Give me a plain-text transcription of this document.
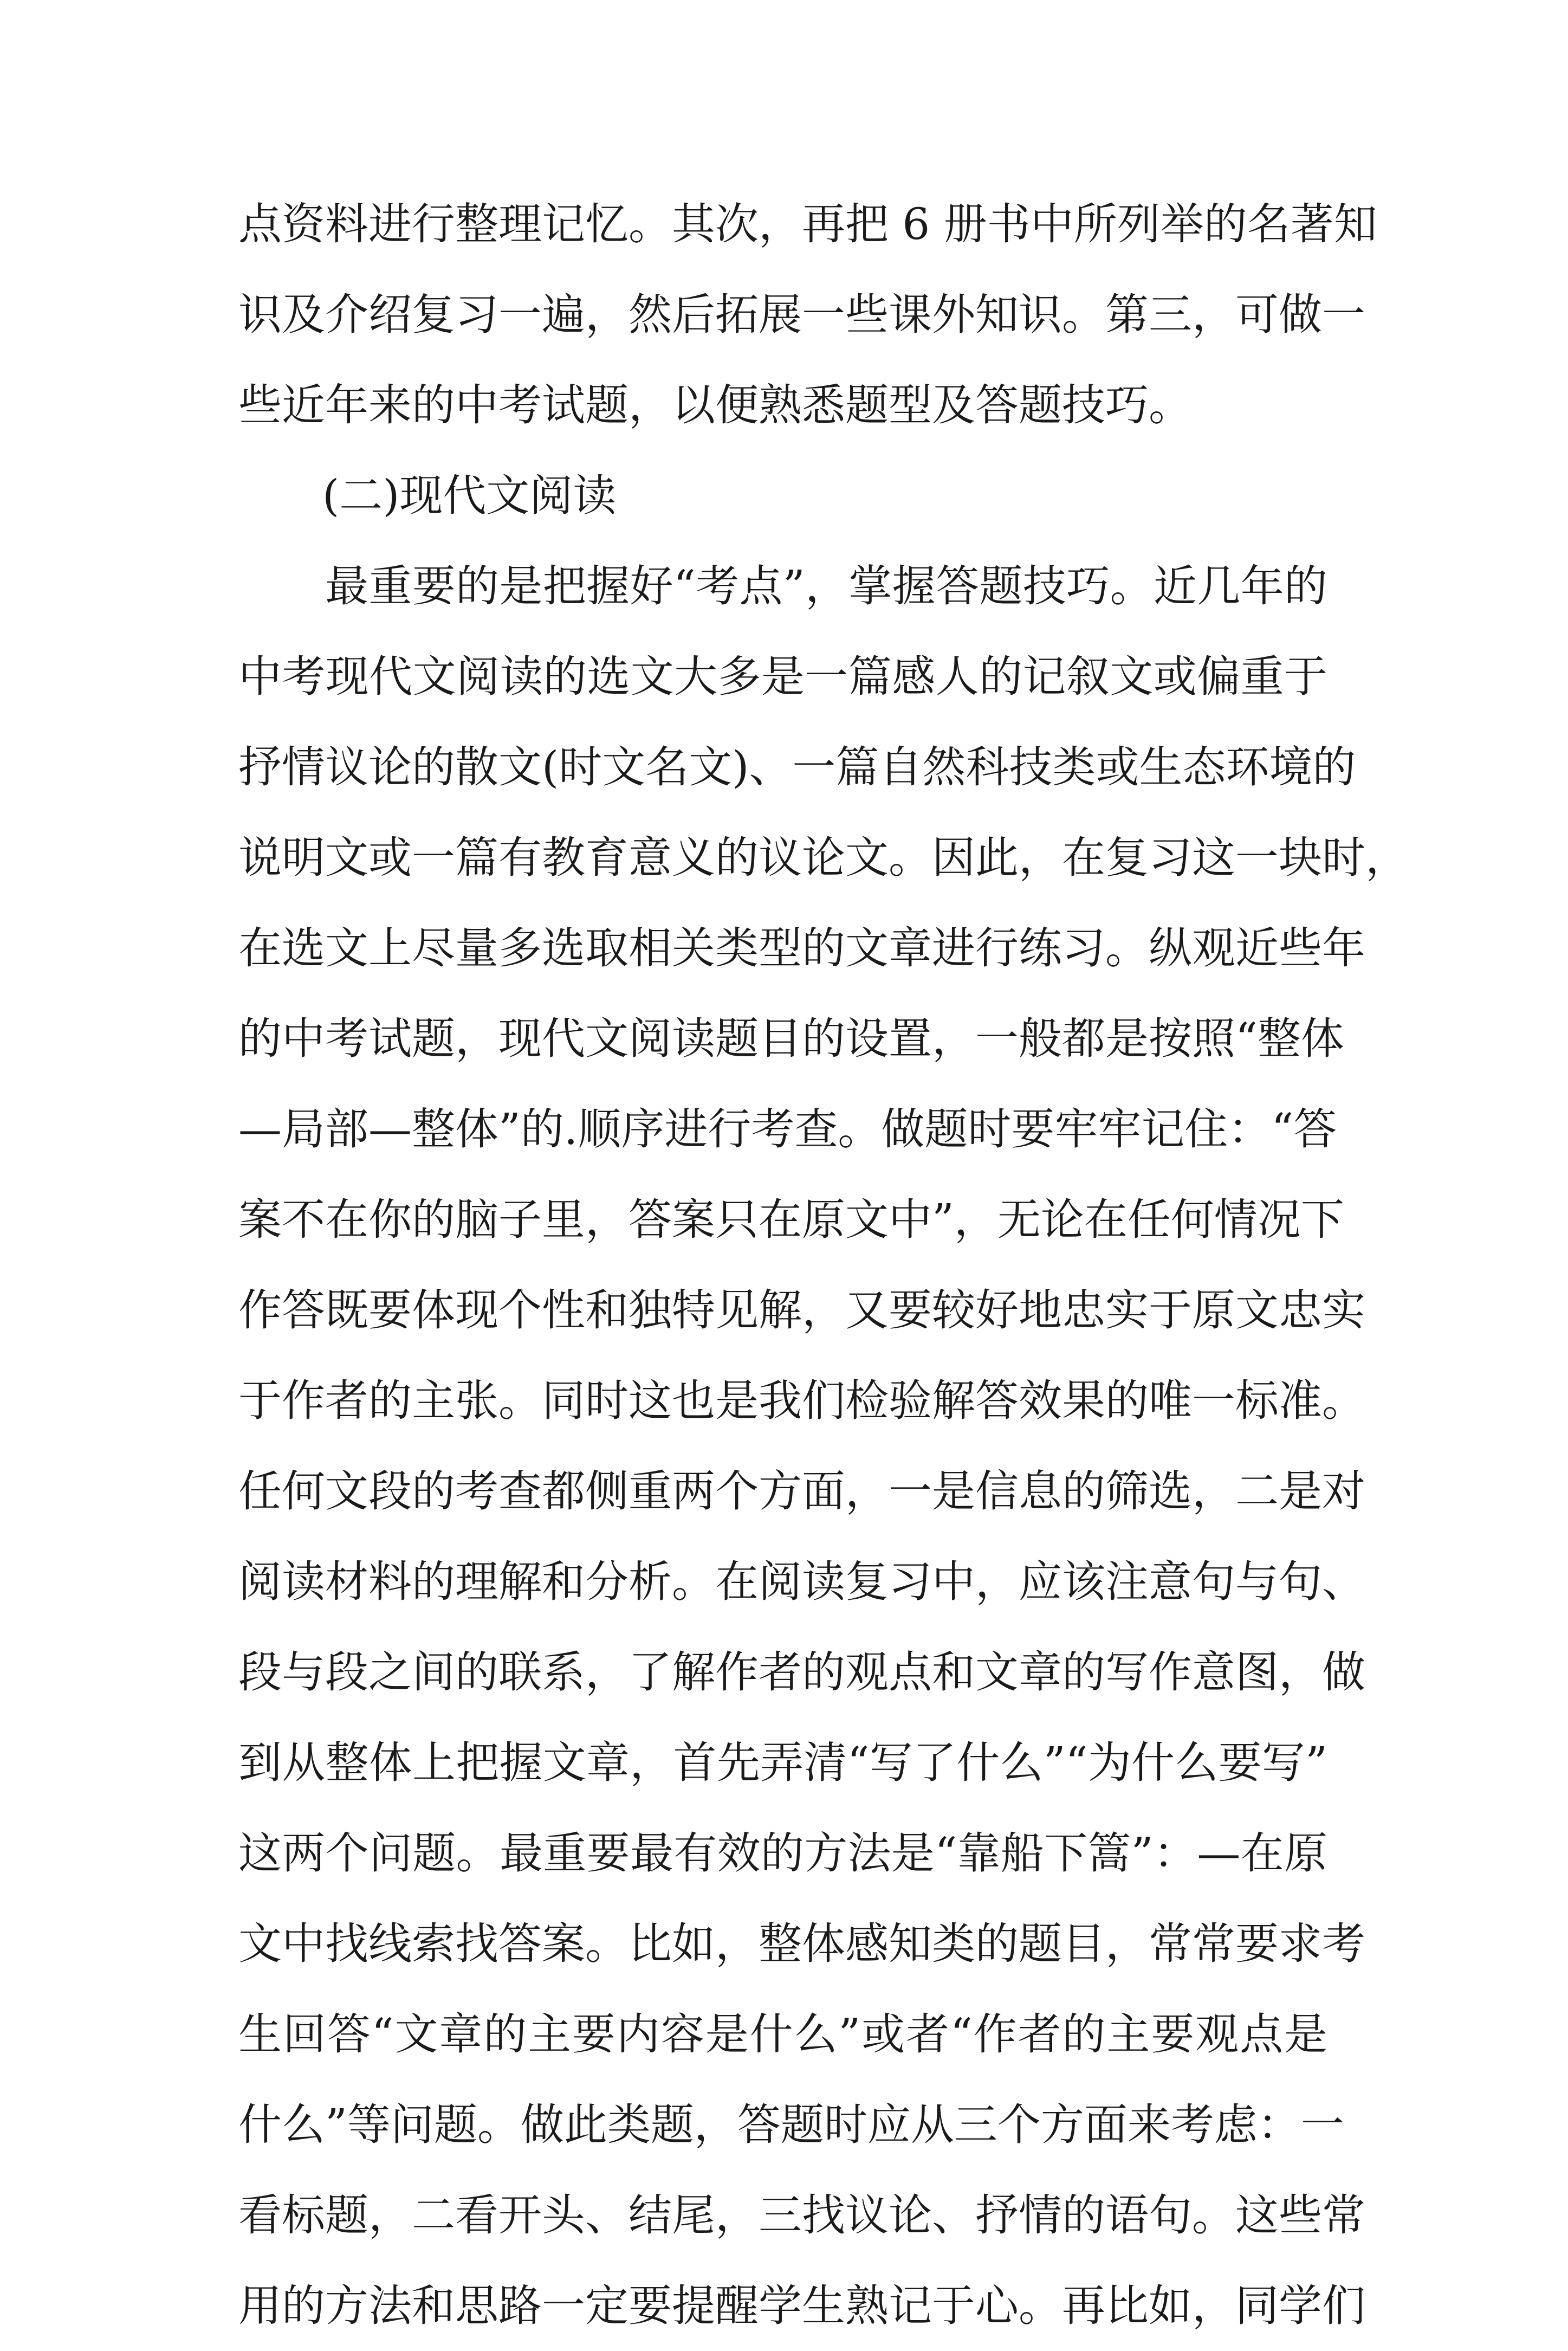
点资料进行整理记忆。其次，再把 6 册书中所列举的名著知
识及介绍复习一遍，然后拓展一些课外知识。第三，可做一
些近年来的中考试题，以便熟悉题型及答题技巧。
(二)现代文阅读
最重要的是把握好“考点”，掌握答题技巧。近几年的
中考现代文阅读的选文大多是一篇感人的记叙文或偏重于
抒情议论的散文(时文名文)、一篇自然科技类或生态环境的
说明文或一篇有教育意义的议论文。因此，在复习这一块时，
在选文上尽量多选取相关类型的文章进行练习。纵观近些年
的中考试题，现代文阅读题目的设置，一般都是按照“整体
—局部—整体”的.顺序进行考查。做题时要牢牢记住：“答
案不在你的脑子里，答案只在原文中”，无论在任何情况下
作答既要体现个性和独特见解，又要较好地忠实于原文忠实
于作者的主张。同时这也是我们检验解答效果的唯一标准。
任何文段的考查都侧重两个方面，一是信息的筛选，二是对
阅读材料的理解和分析。在阅读复习中，应该注意句与句、
段与段之间的联系，了解作者的观点和文章的写作意图，做
到从整体上把握文章，首先弄清“写了什么”“为什么要写”
这两个问题。最重要最有效的方法是“靠船下篙”：—在原
文中找线索找答案。比如，整体感知类的题目，常常要求考
生回答“文章的主要内容是什么”或者“作者的主要观点是
什么”等问题。做此类题，答题时应从三个方面来考虑：一
看标题，二看开头、结尾，三找议论、抒情的语句。这些常
用的方法和思路一定要提醒学生熟记于心。再比如，同学们
